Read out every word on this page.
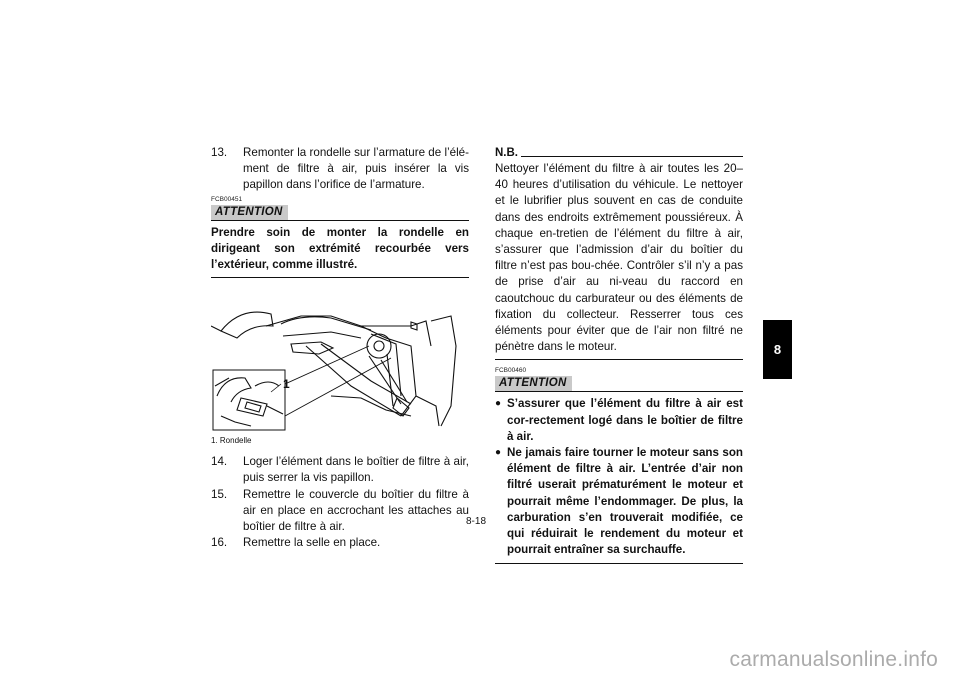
13. Remonter la rondelle sur l’armature de l’élé-ment de filtre à air, puis insérer la vis papillon dans l’orifice de l’armature.
FCB00451
ATTENTION
Prendre soin de monter la rondelle en dirigeant son extrémité recourbée vers l’extérieur, comme illustré.
1
1. Rondelle
14. Loger l’élément dans le boîtier de filtre à air, puis serrer la vis papillon.
15. Remettre le couvercle du boîtier du filtre à air en place en accrochant les attaches au boîtier de filtre à air.
16. Remettre la selle en place.
N.B.
Nettoyer l’élément du filtre à air toutes les 20–40 heures d’utilisation du véhicule. Le nettoyer et le lubrifier plus souvent en cas de conduite dans des endroits extrêmement poussiéreux. À chaque en-tretien de l’élément du filtre à air, s’assurer que l’admission d’air du boîtier du filtre n’est pas bou-chée. Contrôler s’il n’y a pas de prise d’air au ni-veau du raccord en caoutchouc du carburateur ou des éléments de fixation du collecteur. Resserrer tous ces éléments pour éviter que de l’air non filtré ne pénètre dans le moteur.
FCB00460
ATTENTION
● S’assurer que l’élément du filtre à air est cor-rectement logé dans le boîtier de filtre à air.
● Ne jamais faire tourner le moteur sans son élément de filtre à air. L’entrée d’air non filtré userait prématurément le moteur et pourrait même l’endommager. De plus, la carburation s’en trouverait modifiée, ce qui réduirait le rendement du moteur et pourrait entraîner sa surchauffe.
8
8-18
carmanualsonline.info
